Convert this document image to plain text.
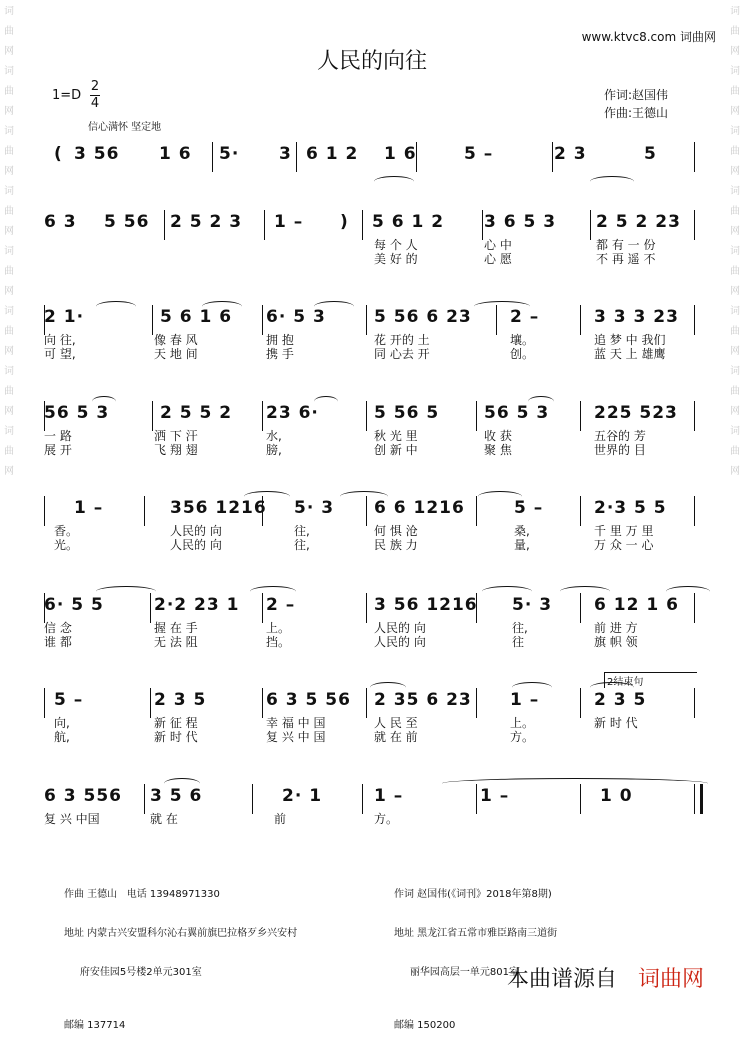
词
曲
网
词
曲
网
词
曲
网
词
曲
网
词
曲
网
词
曲
网
词
曲
网
词
曲
网
词
曲
网
词
曲
网
词
曲
网
词
曲
网
词
曲
网
词
曲
网
词
曲
网
词
曲
网
www.ktvc8.com 词曲网
人民的向往
1=D
2
4
信心满怀 坚定地
作词:赵国伟
作曲:王德山
( 3 56 1 6 5· 3 6 1 2 1 6	5 –	2 3	5
6 3 5 56 2 5 2 3 1 – ) 5 6 1 2 3 6 5 3 2 5 2 23
每 个 人	心 中	都 有 一 份
美 好 的	心 愿	不 再 遥 不
2 1·	5 6 1 6 6· 5 3	5 56 6 23 2 –	3 3 3 23
向 往,	像 春 风	拥 抱	花 开的 土	壤。	追 梦 中 我们
可 望,	天 地 间	携 手	同 心去 开	创。	蓝 天 上 雄鹰
56 5 3	2 5 5 2 23 6·	5 56 5	56 5 3	225 523
一 路	洒 下 汗	水,	秋 光 里	收 获	五谷的 芳
展 开	飞 翔 翅	膀,	创 新 中	聚 焦	世界的 目
1 –	356 1216 5· 3 6 6 1216	5 –	2·3 5 5
香。	人民的 向	往,	何 惧 沧	桑,	千 里 万 里
光。	人民的 向	往,	民 族 力	量,	万 众 一 心
6· 5 5	2·2 23 1 2 –	3 56 1216 5· 3 6 12 1 6
信 念	握 在 手	上。	人民的 向	往,	前 进 方
谁 都	无 法 阻	挡。	人民的 向	往	旗 帜 领
5 –	2 3 5	6 3 5 56 2 35 6 23 1 –	2 3 5
向,	新 征 程	幸 福 中 国	人 民 至	上。	新 时 代
航,	新 时 代	复 兴 中 国	就 在 前	方。
2结束句
6 3 556 3 5 6	2· 1	1 –	1 –	1 0
复 兴 中国	就 在	前	方。

作曲 王德山   电话 13948971330

地址 内蒙古兴安盟科尔沁右翼前旗巴拉格歹乡兴安村

府安佳园5号楼2单元301室

邮编 137714

作词 赵国伟(《词刊》2018年第8期)

地址 黑龙江省五常市雅臣路南三道街

丽华园高层一单元801室

邮编 150200

本曲谱源自 词曲网
